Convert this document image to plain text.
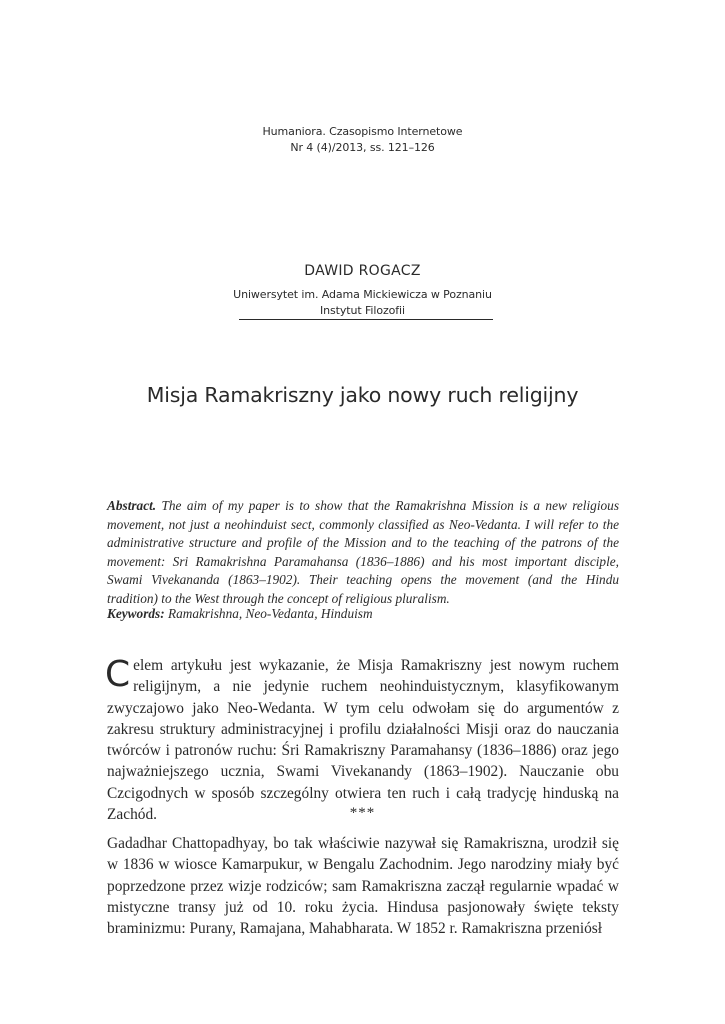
Humaniora. Czasopismo Internetowe
Nr 4 (4)/2013, ss. 121–126
DAWID ROGACZ
Uniwersytet im. Adama Mickiewicza w Poznaniu
Instytut Filozofii
Misja Ramakriszny jako nowy ruch religijny

Abstract. The aim of my paper is to show that the Ramakrishna Mission is a new religious movement, not just a neohinduist sect, commonly classified as Neo-Vedanta. I will refer to the administrative structure and profile of the Mission and to the teaching of the patrons of the movement: Sri Ramakrishna Paramahansa (1836–1886) and his most important disciple, Swami Vivekananda (1863–1902). Their teaching opens the movement (and the Hindu tradition) to the West through the concept of religious pluralism.

Keywords: Ramakrishna, Neo-Vedanta, Hinduism

Celem artykułu jest wykazanie, że Misja Ramakriszny jest nowym ruchem religijnym, a nie jedynie ruchem neohinduistycznym, klasyfikowanym zwyczajowo jako Neo-Wedanta. W tym celu odwołam się do argumentów z zakresu struktury administracyjnej i profilu działalności Misji oraz do nauczania twórców i patronów ruchu: Śri Ramakriszny Paramahansy (1836–1886) oraz jego najważniejszego ucznia, Swami Vivekanandy (1863–1902). Nauczanie obu Czcigodnych w sposób szczególny otwiera ten ruch i całą tradycję hinduską na Zachód.	***

Gadadhar Chattopadhyay, bo tak właściwie nazywał się Ramakriszna, urodził się w 1836 w wiosce Kamarpukur, w Bengalu Zachodnim. Jego narodziny miały być poprzedzone przez wizje rodziców; sam Ramakriszna zaczął regularnie wpadać w mistyczne transy już od 10. roku życia. Hindusa pasjonowały święte teksty braminizmu: Purany, Ramajana, Mahabharata. W 1852 r. Ramakriszna przeniósł
